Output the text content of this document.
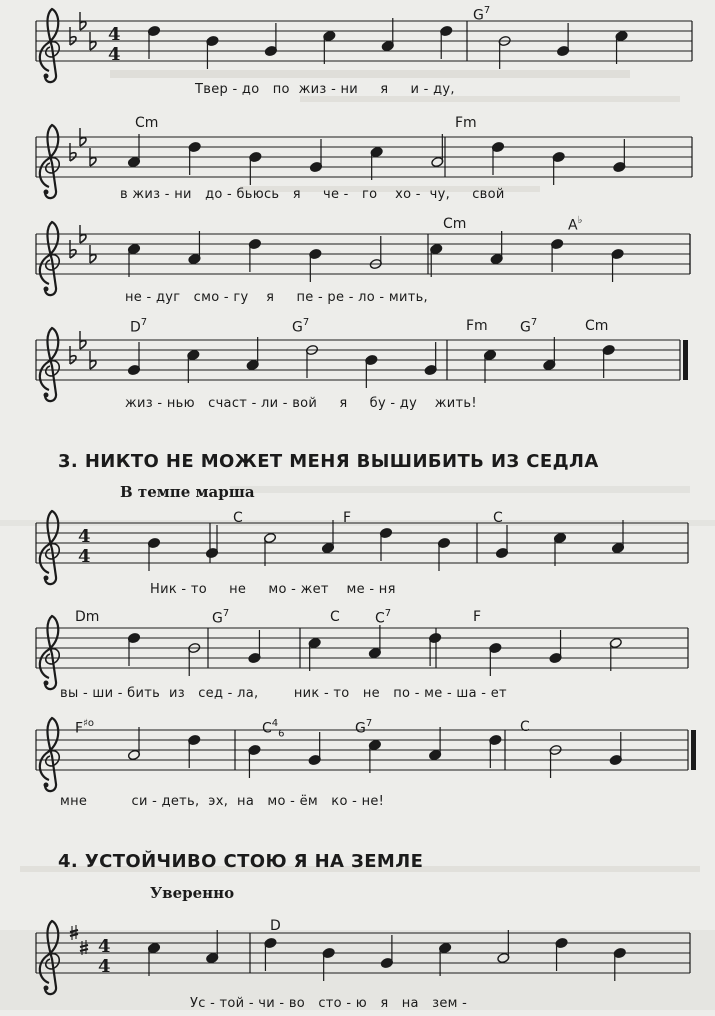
4
4
4
4
4
4
$G^7$
Твер - до   по  жиз - ни     я     и - ду,
Cm	Fm
в жиз - ни   до - бьюсь   я     че -   го    хо -  чу,     свой
Cm	A♭
не - дуг   смо - гу    я     пе - ре - ло - мить,
$D^7$	$G^7$	Fm $G^7$	Cm
жиз - нью   счаст - ли - вой     я     бу - ду    жить!
C	F	C
Ник - то     не     мо - жет    ме - ня
Dm	$G^7$	C	$C^7$	F
вы - ши - бить  из   сед - ла,        ник - то   не   по - ме - ша - ет
$F^{♯o}$	$C^4_6$	$G^7$	C
мне          си - деть,  эх,  на   мо - ём   ко - не!
D
Ус - той - чи - во   сто - ю   я   на   зем -
3. НИКТО НЕ МОЖЕТ МЕНЯ ВЫШИБИТЬ ИЗ СЕДЛА
В темпе марша
4. УСТОЙЧИВО СТОЮ Я НА ЗЕМЛЕ
Уверенно
